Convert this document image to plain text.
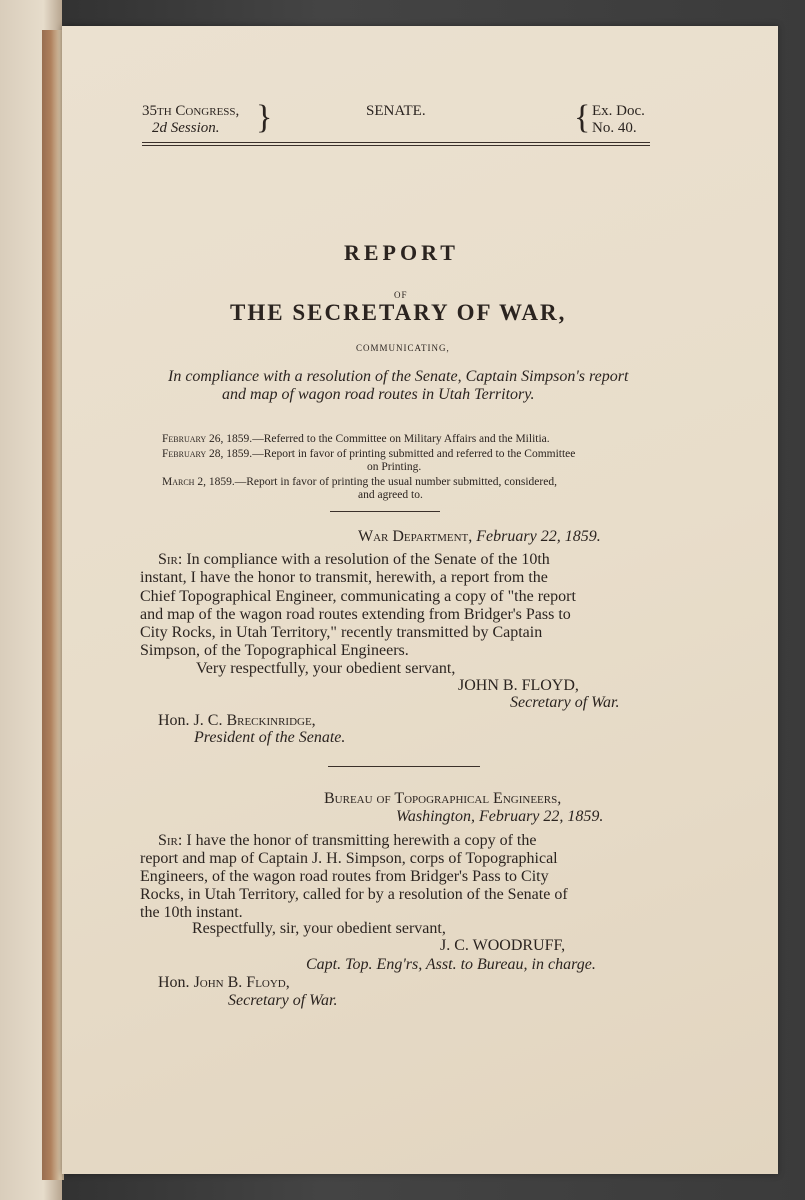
35th Congress,
2d Session. }	SENATE.	{ Ex. Doc.
No. 40.
REPORT
OF
THE SECRETARY OF WAR,
COMMUNICATING,
In compliance with a resolution of the Senate, Captain Simpson's report
and map of wagon road routes in Utah Territory.
February 26, 1859.—Referred to the Committee on Military Affairs and the Militia.
February 28, 1859.—Report in favor of printing submitted and referred to the Committee
on Printing.
March 2, 1859.—Report in favor of printing the usual number submitted, considered,
and agreed to.
War Department, February 22, 1859.
Sir: In compliance with a resolution of the Senate of the 10th
instant, I have the honor to transmit, herewith, a report from the
Chief Topographical Engineer, communicating a copy of "the report
and map of the wagon road routes extending from Bridger's Pass to
City Rocks, in Utah Territory," recently transmitted by Captain
Simpson, of the Topographical Engineers.
Very respectfully, your obedient servant,
JOHN B. FLOYD,
Secretary of War.
Hon. J. C. Breckinridge,
President of the Senate.
Bureau of Topographical Engineers,
Washington, February 22, 1859.
Sir: I have the honor of transmitting herewith a copy of the
report and map of Captain J. H. Simpson, corps of Topographical
Engineers, of the wagon road routes from Bridger's Pass to City
Rocks, in Utah Territory, called for by a resolution of the Senate of
the 10th instant.
Respectfully, sir, your obedient servant,
J. C. WOODRUFF,
Capt. Top. Eng'rs, Asst. to Bureau, in charge.
Hon. John B. Floyd,
Secretary of War.
